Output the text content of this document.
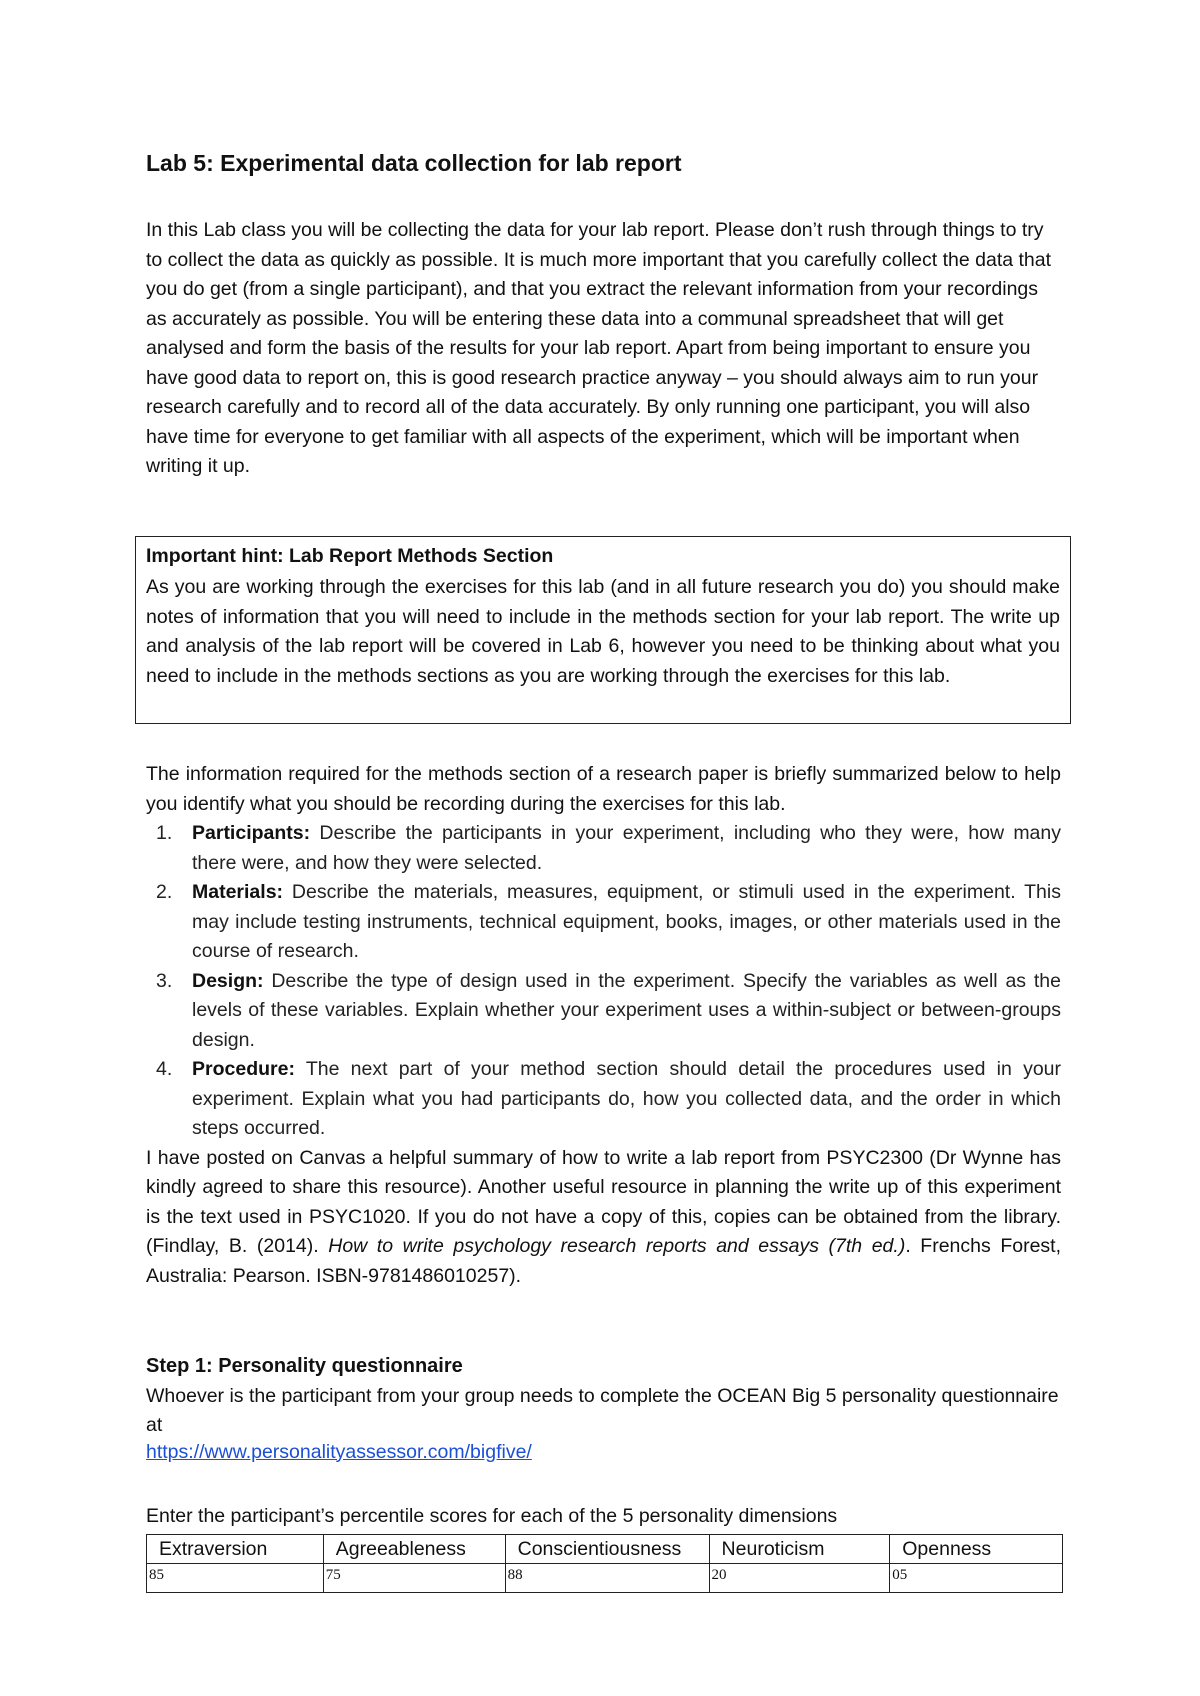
Lab 5: Experimental data collection for lab report

In this Lab class you will be collecting the data for your lab report. Please don’t rush through things to try to collect the data as quickly as possible. It is much more important that you carefully collect the data that you do get (from a single participant), and that you extract the relevant information from your recordings as accurately as possible. You will be entering these data into a communal spreadsheet that will get analysed and form the basis of the results for your lab report. Apart from being important to ensure you have good data to report on, this is good research practice anyway – you should always aim to run your research carefully and to record all of the data accurately. By only running one participant, you will also have time for everyone to get familiar with all aspects of the experiment, which will be important when writing it up.

Important hint: Lab Report Methods Section
As you are working through the exercises for this lab (and in all future research you do) you should make notes of information that you will need to include in the methods section for your lab report. The write up and analysis of the lab report will be covered in Lab 6, however you need to be thinking about what you need to include in the methods sections as you are working through the exercises for this lab.

The information required for the methods section of a research paper is briefly summarized below to help you identify what you should be recording during the exercises for this lab.

1. Participants: Describe the participants in your experiment, including who they were, how many there were, and how they were selected.
2. Materials: Describe the materials, measures, equipment, or stimuli used in the experiment. This may include testing instruments, technical equipment, books, images, or other materials used in the course of research.
3. Design: Describe the type of design used in the experiment. Specify the variables as well as the levels of these variables. Explain whether your experiment uses a within-subject or between-groups design.
4. Procedure: The next part of your method section should detail the procedures used in your experiment. Explain what you had participants do, how you collected data, and the order in which steps occurred.

I have posted on Canvas a helpful summary of how to write a lab report from PSYC2300 (Dr Wynne has kindly agreed to share this resource). Another useful resource in planning the write up of this experiment is the text used in PSYC1020. If you do not have a copy of this, copies can be obtained from the library. (Findlay, B. (2014). How to write psychology research reports and essays (7th ed.). Frenchs Forest, Australia: Pearson. ISBN-9781486010257).

Step 1: Personality questionnaire

Whoever is the participant from your group needs to complete the OCEAN Big 5 personality questionnaire at

https://www.personalityassessor.com/bigfive/

Enter the participant’s percentile scores for each of the 5 personality dimensions

Extraversion	Agreeableness	Conscientiousness	Neuroticism	Openness
85	75	88	20	05
